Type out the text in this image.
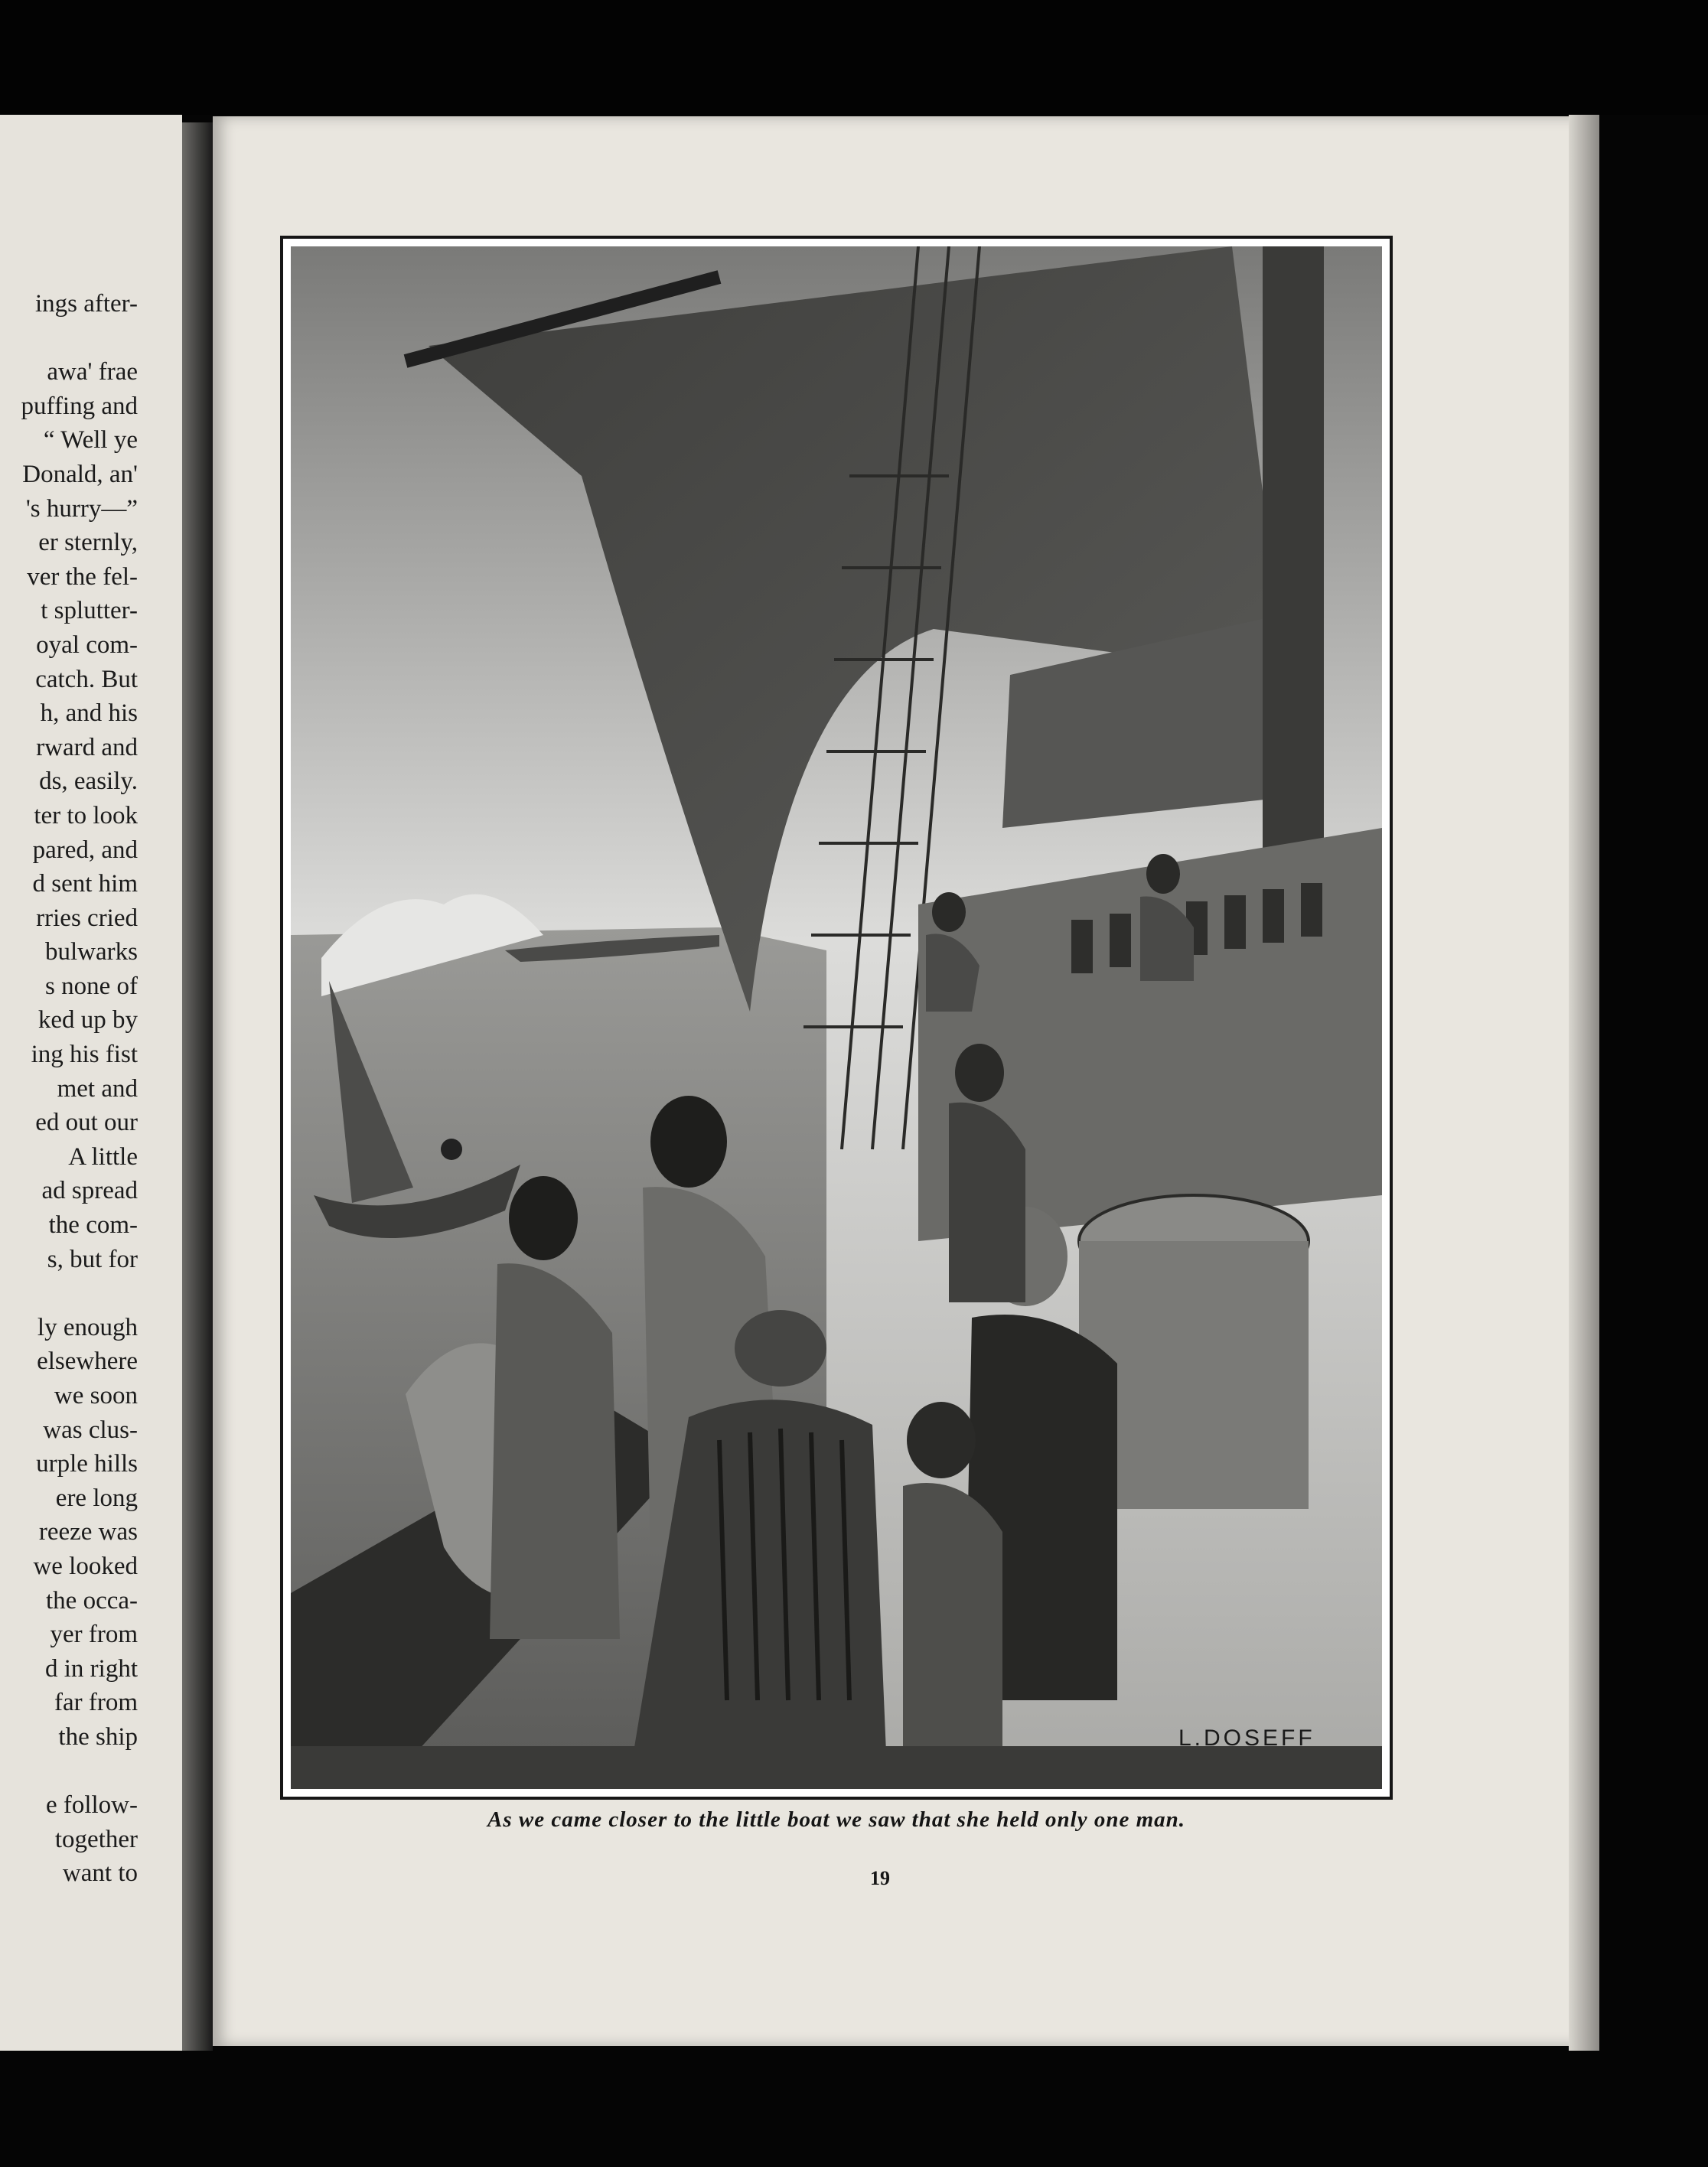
ings after-
awa' frae
puffing and
“ Well ye
Donald, an'
's hurry—”
er sternly,
ver the fel-
t splutter-
oyal com-
catch. But
h, and his
rward and
ds, easily.
ter to look
pared, and
d sent him
rries cried
bulwarks
s none of
ked up by
ing his fist
met and
ed out our
A little
ad spread
the com-
s, but for
ly enough
elsewhere
we soon
was clus-
urple hills
ere long
reeze was
we looked
the occa-
yer from
d in right
far from
the ship
e follow-
together
want to
L.DOSEFF
As we came closer to the little boat we saw that she held only one man.
19
